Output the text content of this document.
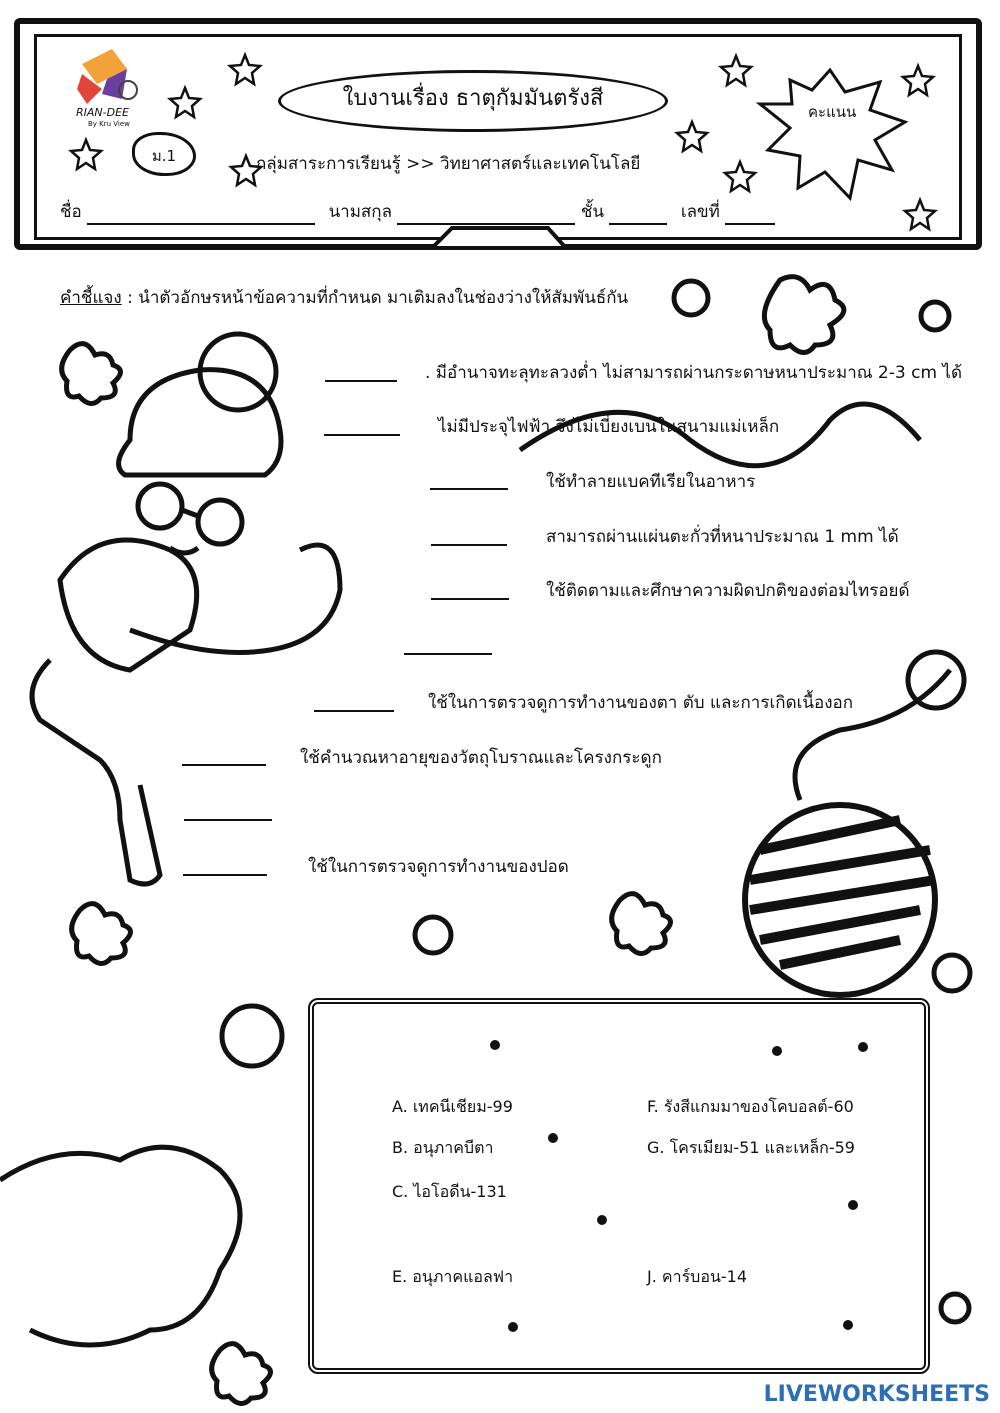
RIAN-DEE
By Kru View
ใบงานเรื่อง ธาตุกัมมันตรังสี
ม.1	กลุ่มสาระการเรียนรู้ >> วิทยาศาสตร์และเทคโนโลยี
คะแนน
ชื่อ	นามสกุล	ชั้น	เลขที่
คำชี้แจง : นำตัวอักษรหน้าข้อความที่กำหนด มาเติมลงในช่องว่างให้สัมพันธ์กัน
. มีอำนาจทะลุทะลวงต่ำ ไม่สามารถผ่านกระดาษหนาประมาณ 2-3 cm ได้
ไม่มีประจุไฟฟ้า จึงไม่เบี่ยงเบนในสนามแม่เหล็ก
ใช้ทำลายแบคทีเรียในอาหาร
สามารถผ่านแผ่นตะกั่วที่หนาประมาณ 1 mm ได้
ใช้ติดตามและศึกษาความผิดปกติของต่อมไทรอยด์
ใช้ในการตรวจดูการทำงานของตา ตับ และการเกิดเนื้องอก
ใช้คำนวณหาอายุของวัตถุโบราณและโครงกระดูก
ใช้ในการตรวจดูการทำงานของปอด
A. เทคนีเชียม-99	F. รังสีแกมมาของโคบอลต์-60
B. อนุภาคบีตา	G. โครเมียม-51 และเหล็ก-59
C. ไอโอดีน-131
E. อนุภาคแอลฟา	J. คาร์บอน-14
LIVEWORKSHEETS
